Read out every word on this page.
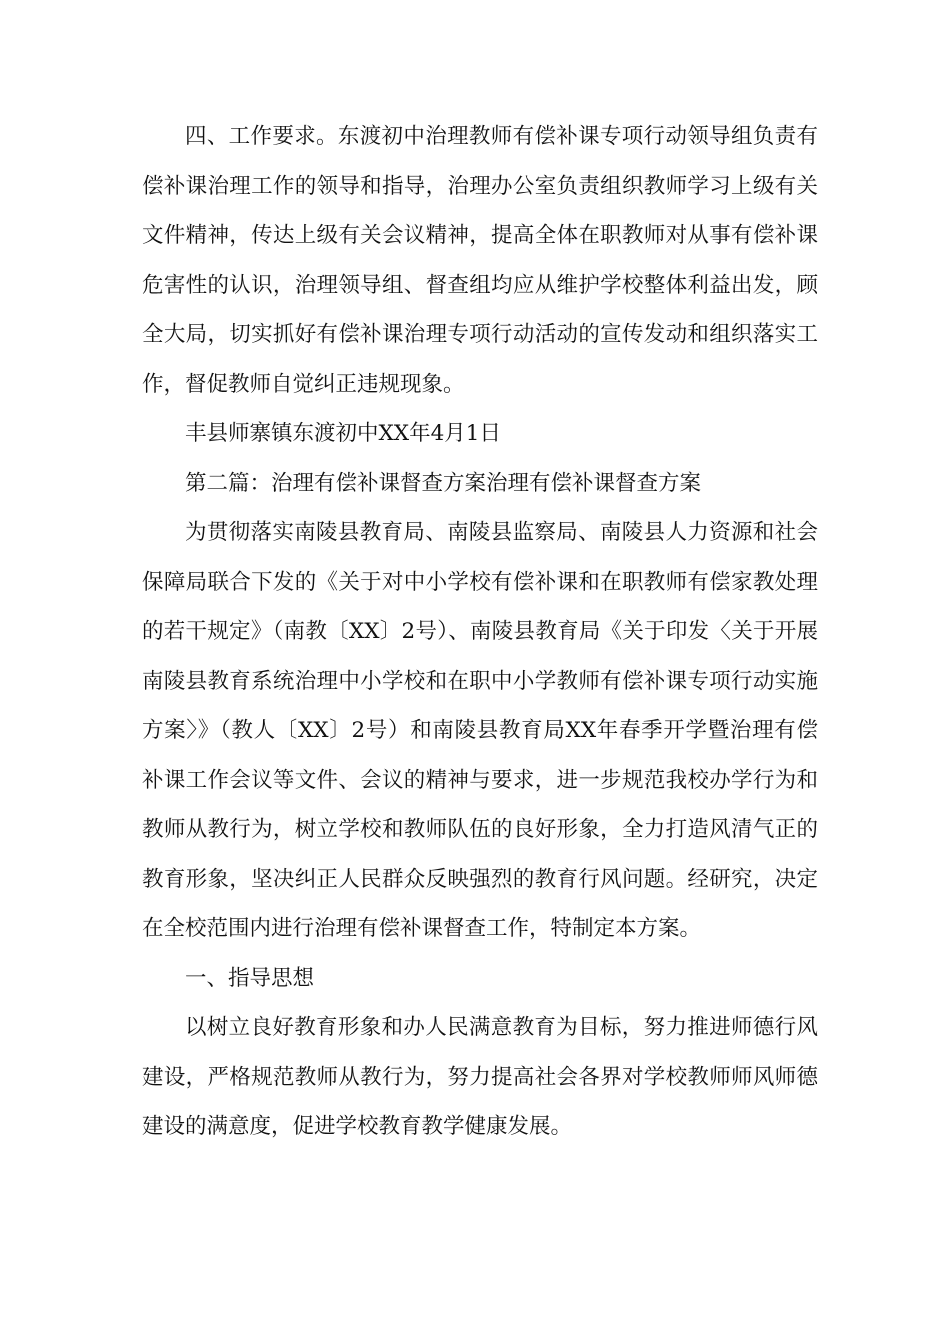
四、工作要求。东渡初中治理教师有偿补课专项行动领导组负责有偿补课治理工作的领导和指导，治理办公室负责组织教师学习上级有关文件精神，传达上级有关会议精神，提高全体在职教师对从事有偿补课危害性的认识，治理领导组、督查组均应从维护学校整体利益出发，顾全大局，切实抓好有偿补课治理专项行动活动的宣传发动和组织落实工作，督促教师自觉纠正违规现象。

丰县师寨镇东渡初中XX年4月1日

第二篇：治理有偿补课督查方案治理有偿补课督查方案

为贯彻落实南陵县教育局、南陵县监察局、南陵县人力资源和社会保障局联合下发的《关于对中小学校有偿补课和在职教师有偿家教处理的若干规定》（南教〔XX〕2号）、南陵县教育局《关于印发〈关于开展南陵县教育系统治理中小学校和在职中小学教师有偿补课专项行动实施方案〉》（教人〔XX〕2号）和南陵县教育局XX年春季开学暨治理有偿补课工作会议等文件、会议的精神与要求，进一步规范我校办学行为和教师从教行为，树立学校和教师队伍的良好形象，全力打造风清气正的教育形象，坚决纠正人民群众反映强烈的教育行风问题。经研究，决定在全校范围内进行治理有偿补课督查工作，特制定本方案。

一、指导思想

以树立良好教育形象和办人民满意教育为目标，努力推进师德行风建设，严格规范教师从教行为，努力提高社会各界对学校教师师风师德建设的满意度，促进学校教育教学健康发展。
